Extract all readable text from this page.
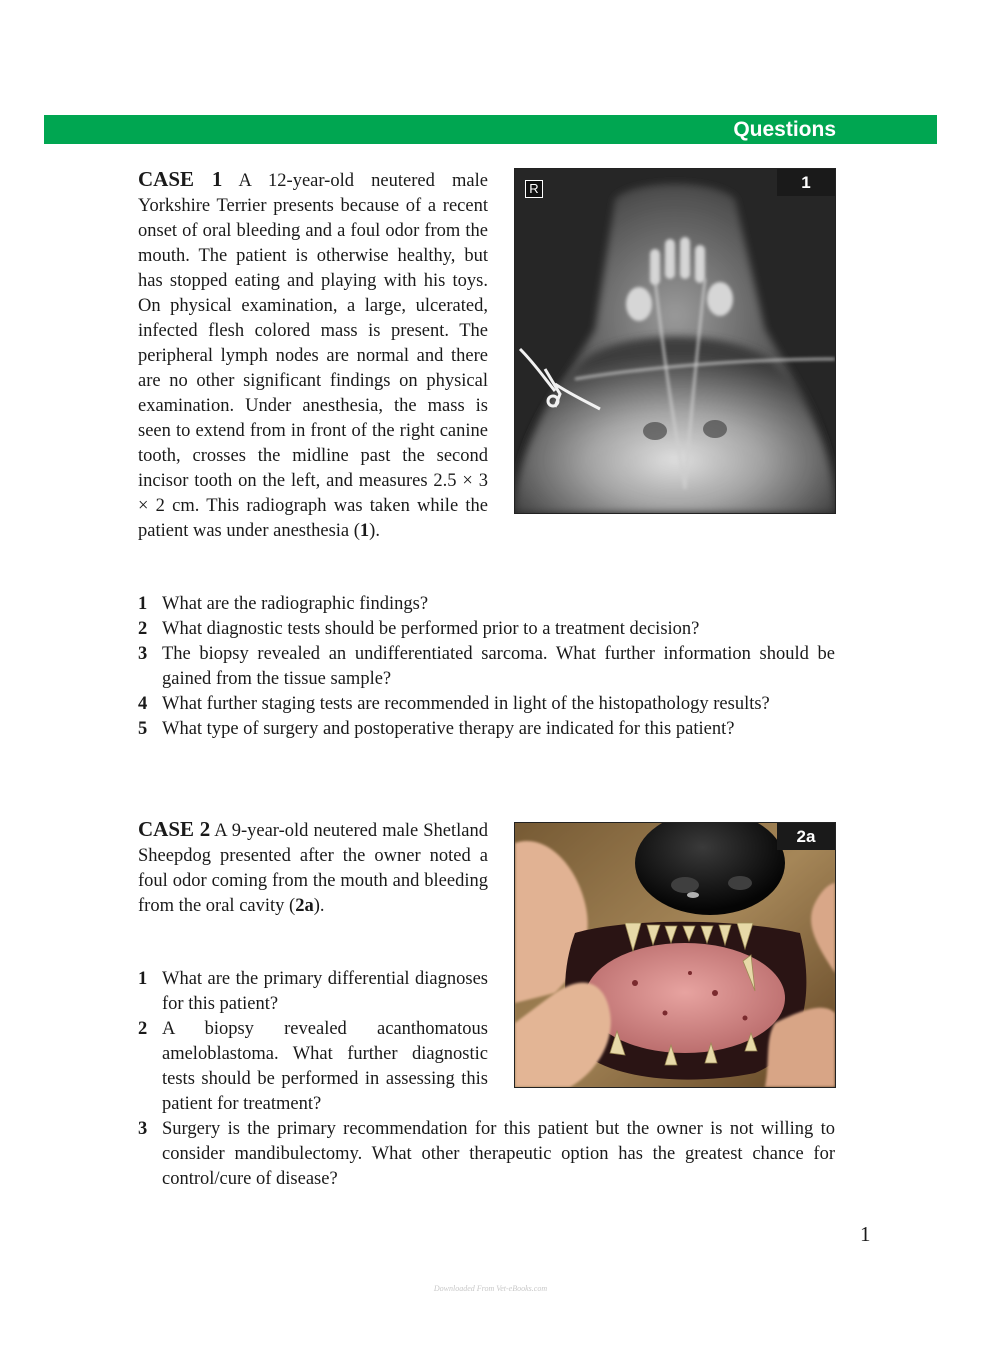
Questions
CASE 1 A 12-year-old neutered male Yorkshire Terrier presents because of a recent onset of oral bleeding and a foul odor from the mouth. The patient is otherwise healthy, but has stopped eating and playing with his toys. On physical examination, a large, ulcerated, infected flesh colored mass is present. The peripheral lymph nodes are normal and there are no other significant findings on physical examination. Under anesthesia, the mass is seen to extend from in front of the right canine tooth, crosses the midline past the second incisor tooth on the left, and measures 2.5 × 3 × 2 cm. This radiograph was taken while the patient was under anesthesia (1).
R	1
1 What are the radiographic findings?
2 What diagnostic tests should be performed prior to a treatment decision?
3 The biopsy revealed an undifferentiated sarcoma. What further information should be gained from the tissue sample?
4 What further staging tests are recommended in light of the histopathology results?
5 What type of surgery and postoperative therapy are indicated for this patient?
CASE 2 A 9-year-old neutered male Shetland Sheepdog presented after the owner noted a foul odor coming from the mouth and bleeding from the oral cavity (2a).
2a
1 What are the primary differential diagnoses for this patient?
2 A biopsy revealed acanthomatous ameloblastoma. What further diagnostic tests should be performed in assessing this patient for treatment?
3 Surgery is the primary recommendation for this patient but the owner is not willing to consider mandibulectomy. What other therapeutic option has the greatest chance for control/cure of disease?
1
Downloaded From Vet-eBooks.com
